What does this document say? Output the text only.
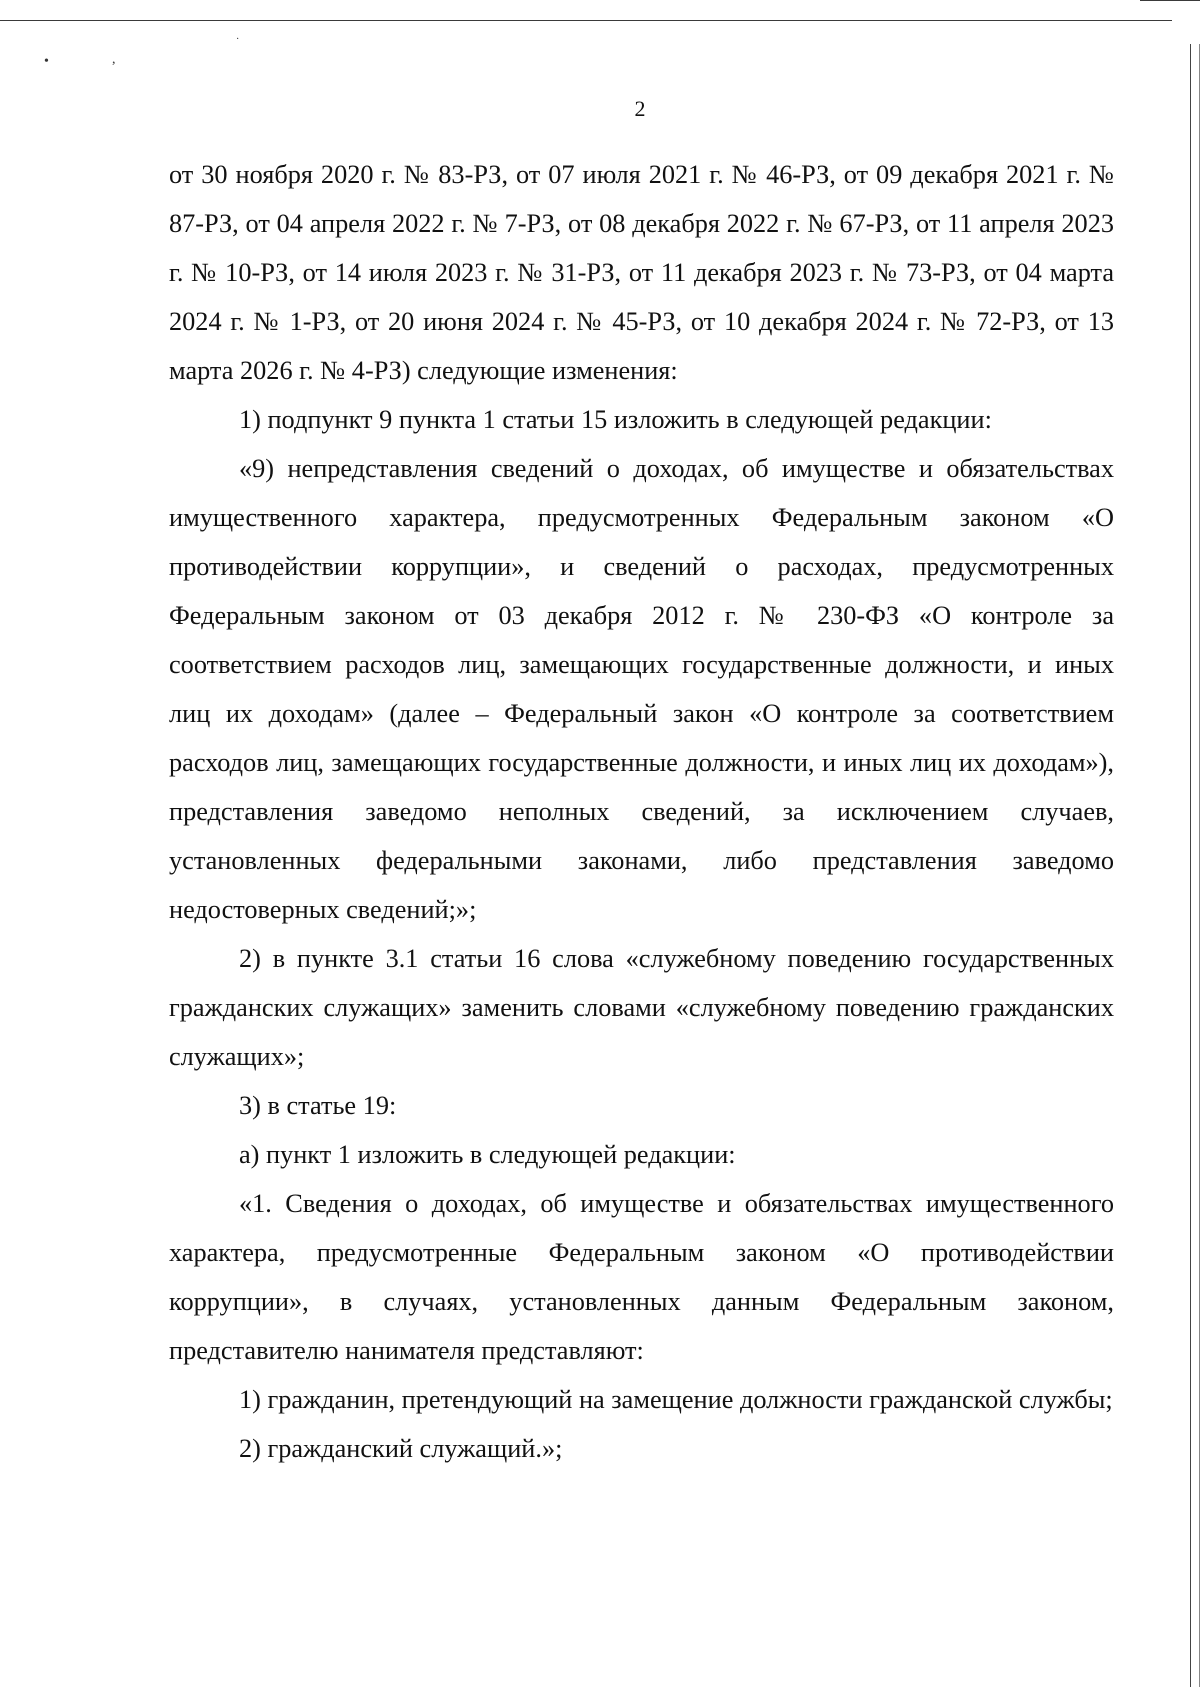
•	,
·
2

от 30 ноября 2020 г. № 83-РЗ, от 07 июля 2021 г. № 46-РЗ, от 09 декабря 2021 г. № 87-РЗ, от 04 апреля 2022 г. № 7-РЗ, от 08 декабря 2022 г. № 67-РЗ, от 11 апреля 2023 г. № 10-РЗ, от 14 июля 2023 г. № 31-РЗ, от 11 декабря 2023 г. № 73-РЗ, от 04 марта 2024 г. № 1-РЗ, от 20 июня 2024 г. № 45-РЗ, от 10 декабря 2024 г. № 72-РЗ, от 13 марта 2026 г. № 4-РЗ) следующие изменения:

1) подпункт 9 пункта 1 статьи 15 изложить в следующей редакции:

«9) непредставления сведений о доходах, об имуществе и обязательствах имущественного характера, предусмотренных Федеральным законом «О противодействии коррупции», и сведений о расходах, предусмотренных Федеральным законом от 03 декабря 2012 г. № 230-ФЗ «О контроле за соответствием расходов лиц, замещающих государственные должности, и иных лиц их доходам» (далее – Федеральный закон «О контроле за соответствием расходов лиц, замещающих государственные должности, и иных лиц их доходам»), представления заведомо неполных сведений, за исключением случаев, установленных федеральными законами, либо представления заведомо недостоверных сведений;»;

2) в пункте 3.1 статьи 16 слова «служебному поведению государственных гражданских служащих» заменить словами «служебному поведению гражданских служащих»;

3) в статье 19:

а) пункт 1 изложить в следующей редакции:

«1. Сведения о доходах, об имуществе и обязательствах имущественного характера, предусмотренные Федеральным законом «О противодействии коррупции», в случаях, установленных данным Федеральным законом, представителю нанимателя представляют:

1) гражданин, претендующий на замещение должности гражданской службы;

2) гражданский служащий.»;
